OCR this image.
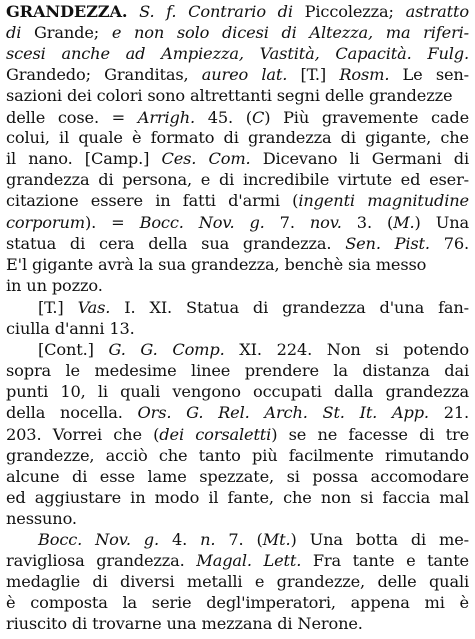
GRANDEZZA. S. f. Contrario di Piccolezza; astratto
di Grande; e non solo dicesi di Altezza, ma riferi-
scesi anche ad Ampiezza, Vastità, Capacità. Fulg.
Grandedo; Granditas, aureo lat. [T.] Rosm. Le sen-
sazioni dei colori sono altrettanti segni delle grandezze
delle cose. = Arrigh. 45. (C) Più gravemente cade
colui, il quale è formato di grandezza di gigante, che
il nano. [Camp.] Ces. Com. Dicevano li Germani di
grandezza di persona, e di incredibile virtute ed eser-
citazione essere in fatti d'armi (ingenti magnitudine
corporum). = Bocc. Nov. g. 7. nov. 3. (M.) Una
statua di cera della sua grandezza. Sen. Pist. 76.
E'l gigante avrà la sua grandezza, benchè sia messo
in un pozzo.
[T.] Vas. I. XI. Statua di grandezza d'una fan-
ciulla d'anni 13.
[Cont.] G. G. Comp. XI. 224. Non si potendo
sopra le medesime linee prendere la distanza dai
punti 10, li quali vengono occupati dalla grandezza
della nocella. Ors. G. Rel. Arch. St. It. App. 21.
203. Vorrei che (dei corsaletti) se ne facesse di tre
grandezze, acciò che tanto più facilmente rimutando
alcune di esse lame spezzate, si possa accomodare
ed aggiustare in modo il fante, che non si faccia mal
nessuno.
Bocc. Nov. g. 4. n. 7. (Mt.) Una botta di me-
ravigliosa grandezza. Magal. Lett. Fra tante e tante
medaglie di diversi metalli e grandezze, delle quali
è composta la serie degl'imperatori, appena mi è
riuscito di trovarne una mezzana di Nerone.
